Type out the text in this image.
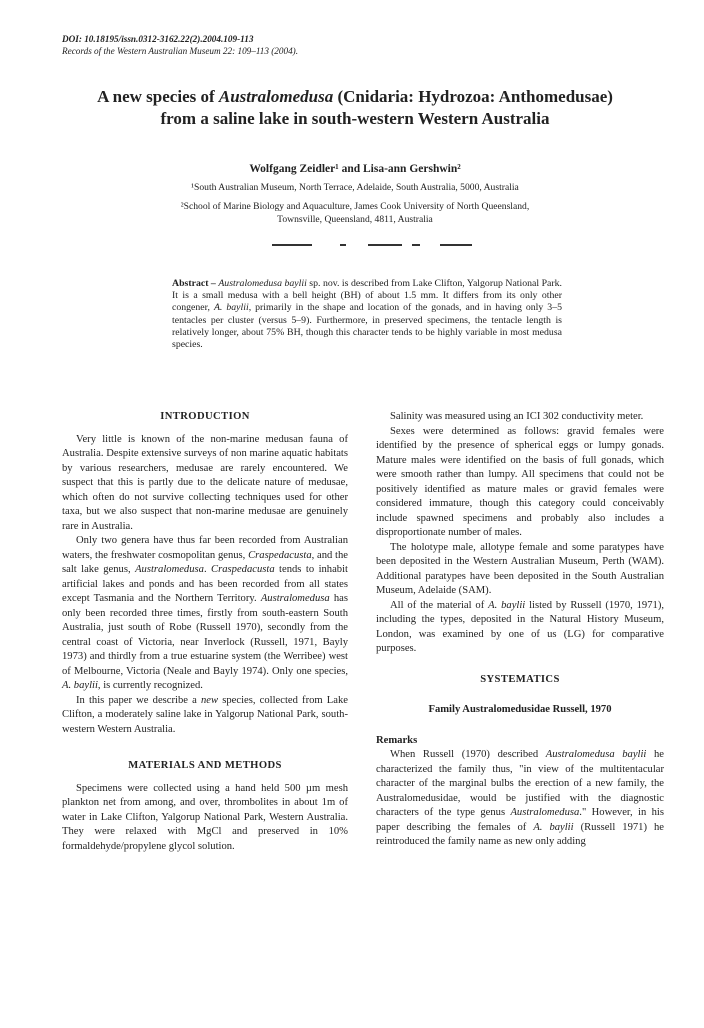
DOI: 10.18195/issn.0312-3162.22(2).2004.109-113
Records of the Western Australian Museum 22: 109–113 (2004).
A new species of Australomedusa (Cnidaria: Hydrozoa: Anthomedusae)
from a saline lake in south-western Western Australia
Wolfgang Zeidler¹ and Lisa-ann Gershwin²
¹South Australian Museum, North Terrace, Adelaide, South Australia, 5000, Australia
²School of Marine Biology and Aquaculture, James Cook University of North Queensland,
Townsville, Queensland, 4811, Australia
Abstract – Australomedusa baylii sp. nov. is described from Lake Clifton, Yalgorup National Park. It is a small medusa with a bell height (BH) of about 1.5 mm. It differs from its only other congener, A. baylii, primarily in the shape and location of the gonads, and in having only 3–5 tentacles per cluster (versus 5–9). Furthermore, in preserved specimens, the tentacle length is relatively longer, about 75% BH, though this character tends to be highly variable in most medusa species.
INTRODUCTION

Very little is known of the non-marine medusan fauna of Australia. Despite extensive surveys of non marine aquatic habitats by various researchers, medusae are rarely encountered. We suspect that this is partly due to the delicate nature of medusae, which often do not survive collecting techniques used for other taxa, but we also suspect that non-marine medusae are genuinely rare in Australia.

Only two genera have thus far been recorded from Australian waters, the freshwater cosmopolitan genus, Craspedacusta, and the salt lake genus, Australomedusa. Craspedacusta tends to inhabit artificial lakes and ponds and has been recorded from all states except Tasmania and the Northern Territory. Australomedusa has only been recorded three times, firstly from south-eastern South Australia, just south of Robe (Russell 1970), secondly from the central coast of Victoria, near Inverlock (Russell, 1971, Bayly 1973) and thirdly from a true estuarine system (the Werribee) west of Melbourne, Victoria (Neale and Bayly 1974). Only one species, A. baylii, is currently recognized.

In this paper we describe a new species, collected from Lake Clifton, a moderately saline lake in Yalgorup National Park, south-western Western Australia.

MATERIALS AND METHODS

Specimens were collected using a hand held 500 µm mesh plankton net from among, and over, thrombolites in about 1m of water in Lake Clifton, Yalgorup National Park, Western Australia. They were relaxed with MgCl and preserved in 10% formaldehyde/propylene glycol solution.

Salinity was measured using an ICI 302 conductivity meter.

Sexes were determined as follows: gravid females were identified by the presence of spherical eggs or lumpy gonads. Mature males were identified on the basis of full gonads, which were smooth rather than lumpy. All specimens that could not be positively identified as mature males or gravid females were considered immature, though this category could conceivably include spawned specimens and probably also includes a disproportionate number of males.

The holotype male, allotype female and some paratypes have been deposited in the Western Australian Museum, Perth (WAM). Additional paratypes have been deposited in the South Australian Museum, Adelaide (SAM).

All of the material of A. baylii listed by Russell (1970, 1971), including the types, deposited in the Natural History Museum, London, was examined by one of us (LG) for comparative purposes.

SYSTEMATICS
Family Australomedusidae Russell, 1970
Remarks

When Russell (1970) described Australomedusa baylii he characterized the family thus, "in view of the multitentacular character of the marginal bulbs the erection of a new family, the Australomedusidae, would be justified with the diagnostic characters of the type genus Australomedusa." However, in his paper describing the females of A. baylii (Russell 1971) he reintroduced the family name as new only adding
